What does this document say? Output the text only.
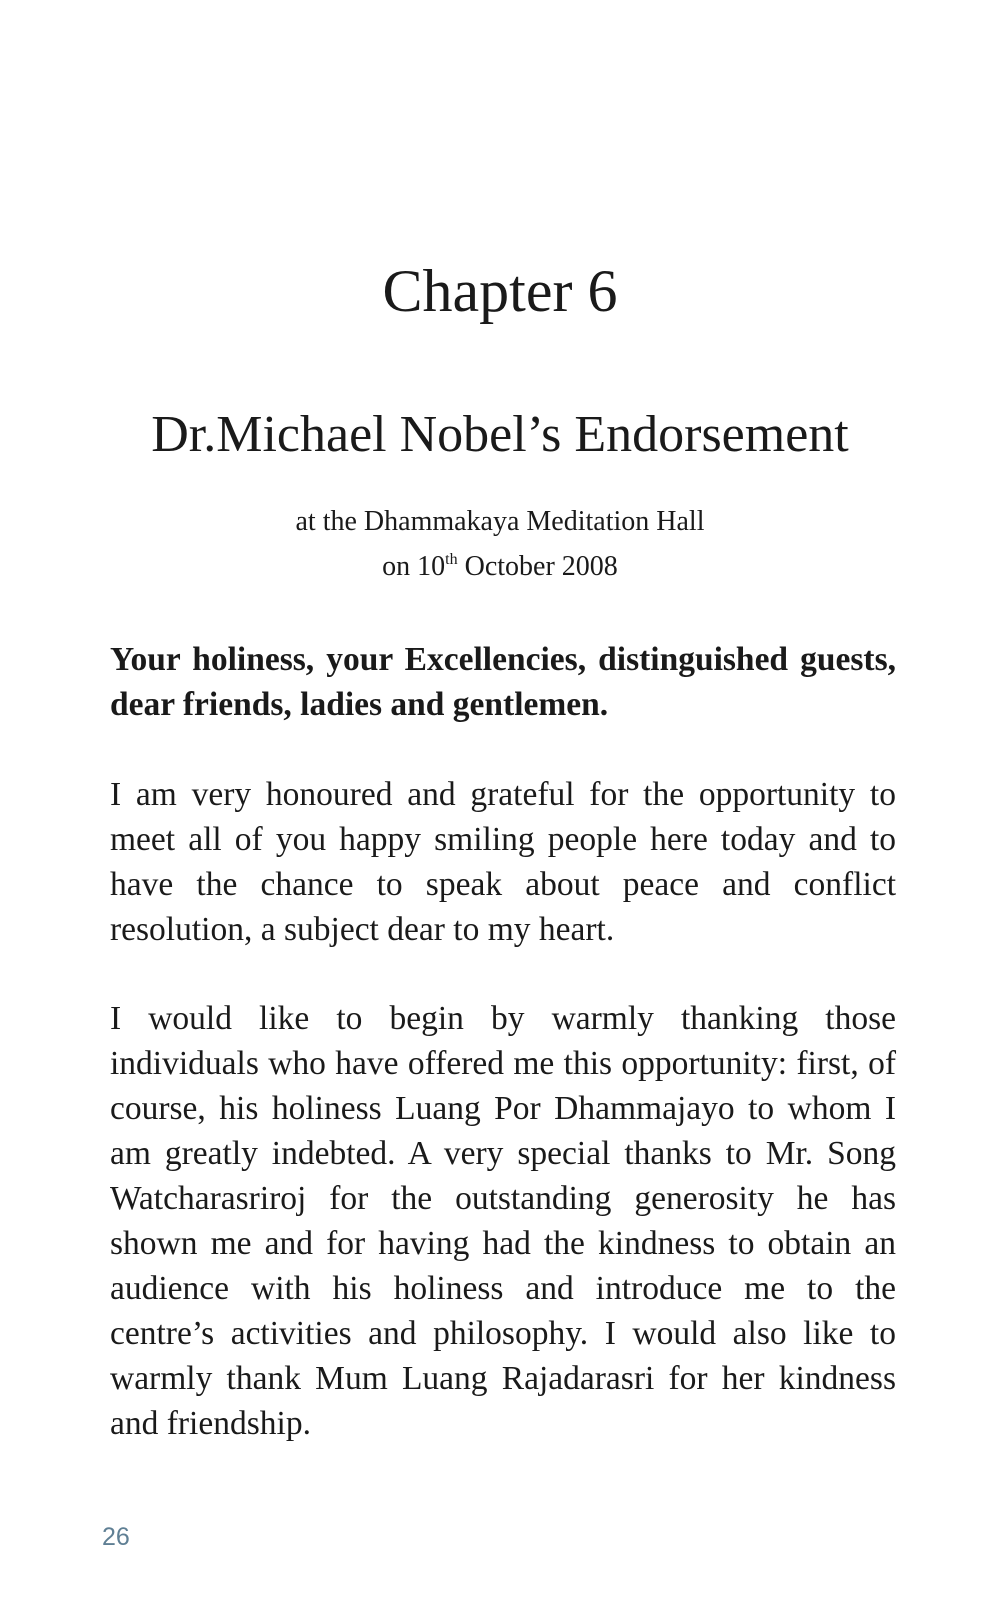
Chapter 6
Dr.Michael Nobel’s Endorsement

at the Dhammakaya Meditation Hall

on 10th October 2008

Your holiness, your Excellencies, distinguished guests, dear friends, ladies and gentlemen.

I am very honoured and grateful for the opportunity to meet all of you happy smiling people here today and to have the chance to speak about peace and conflict resolution, a subject dear to my heart.

I would like to begin by warmly thanking those individuals who have offered me this opportunity: first, of course, his holiness Luang Por Dhammajayo to whom I am greatly indebted. A very special thanks to Mr. Song Watcharasriroj for the outstanding generosity he has shown me and for having had the kindness to obtain an audience with his holiness and introduce me to the centre’s activities and philosophy. I would also like to warmly thank Mum Luang Rajadarasri for her kindness and friendship.

26
